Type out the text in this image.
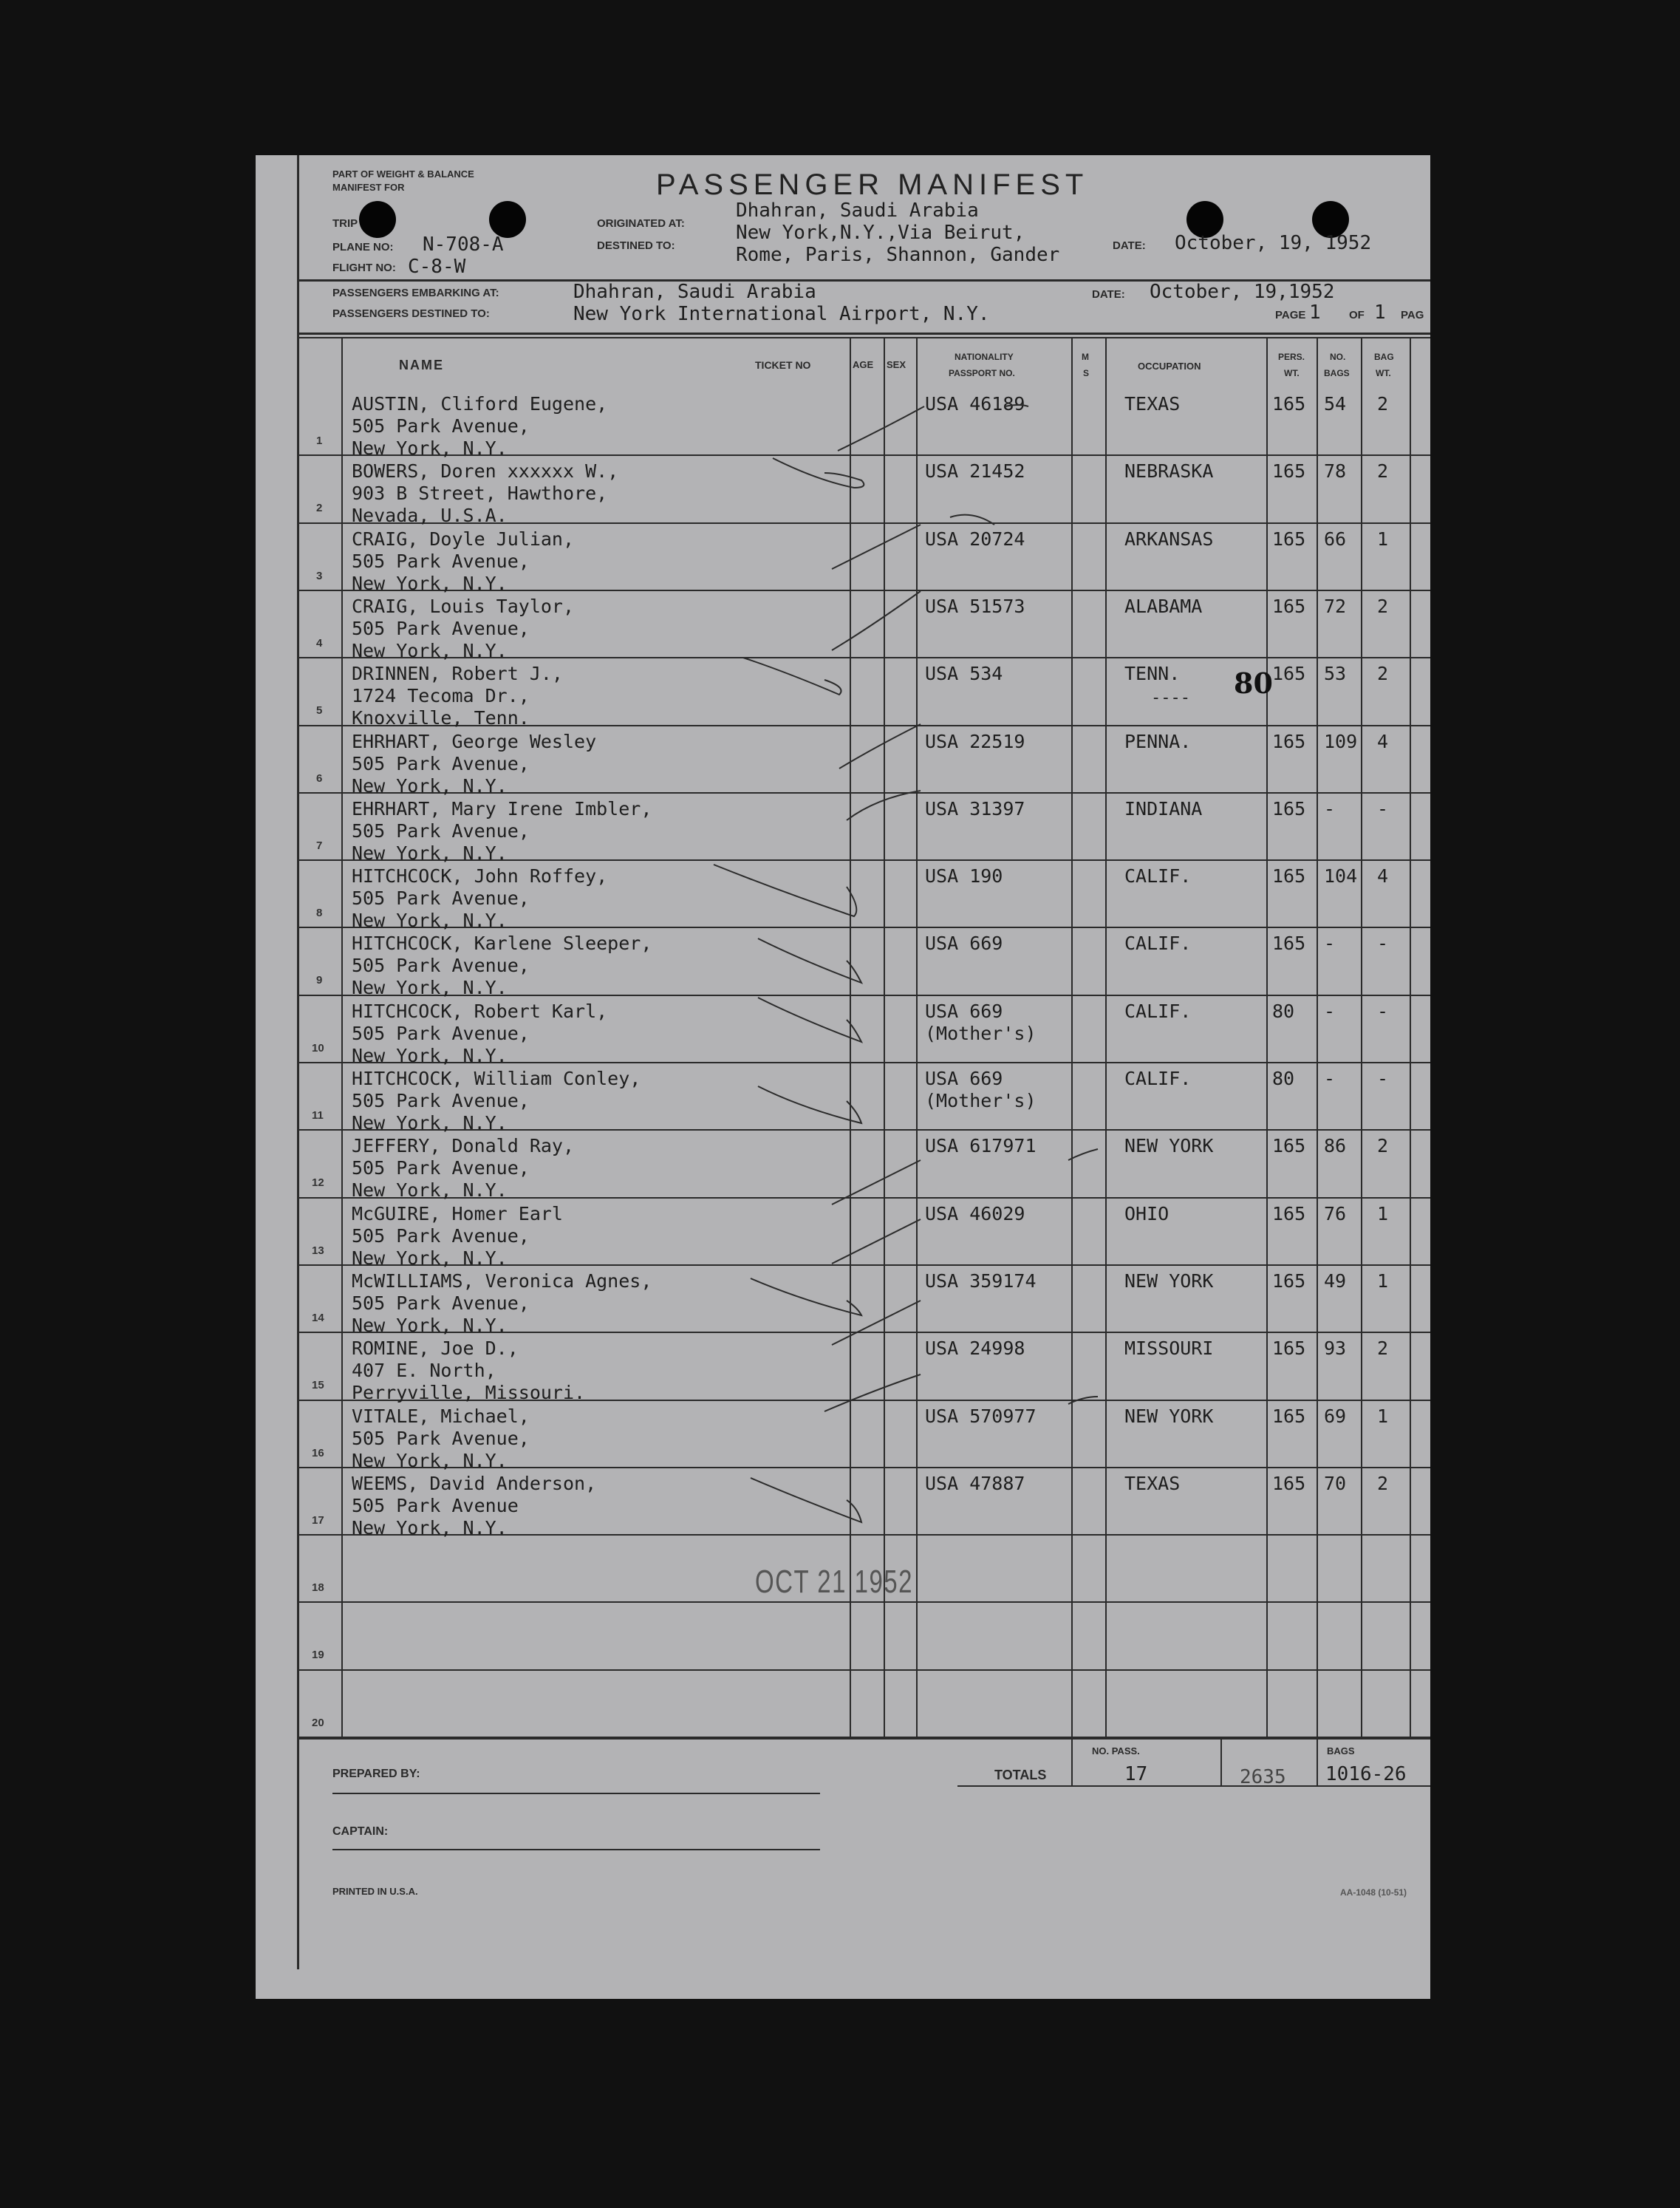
PART OF WEIGHT & BALANCE
MANIFEST FOR	PASSENGER MANIFEST
TRIP
PLANE NO: N-708-A
FLIGHT NO: C-8-W
ORIGINATED AT:
Dhahran, Saudi Arabia
DESTINED TO:
New York,N.Y.,Via Beirut,
Rome, Paris, Shannon, Gander	DATE: October, 19, 1952
PASSENGERS EMBARKING AT:	Dhahran, Saudi Arabia
PASSENGERS DESTINED TO:	New York International Airport, N.Y.
DATE: October, 19,1952
PAGE 1	OF 1 PAG
NAME	TICKET NO	AGE SEX
NATIONALITY
PASSPORT NO.
M
S
OCCUPATION
PERS.
WT.
NO.
BAGS
BAG
WT.
1
AUSTIN, Cliford Eugene,
505 Park Avenue,
New York, N.Y.
USA 46189	TEXAS	165 54 2
2
BOWERS, Doren xxxxxx W.,
903 B Street, Hawthore,
Nevada, U.S.A.
USA 21452	NEBRASKA	165 78 2
3
CRAIG, Doyle Julian,
505 Park Avenue,
New York, N.Y.
USA 20724	ARKANSAS	165 66 1
4
CRAIG, Louis Taylor,
505 Park Avenue,
New York, N.Y.
USA 51573	ALABAMA	165 72 2
5
DRINNEN, Robert J.,
1724 Tecoma Dr.,
Knoxville, Tenn.
USA 534	TENN.	165 53 2
6
EHRHART, George Wesley
505 Park Avenue,
New York, N.Y.
USA 22519	PENNA.	165 109 4
7
EHRHART, Mary Irene Imbler,
505 Park Avenue,
New York, N.Y.
USA 31397	INDIANA	165 - -
8
HITCHCOCK, John Roffey,
505 Park Avenue,
New York, N.Y.
USA 190	CALIF.	165 104 4
9
HITCHCOCK, Karlene Sleeper,
505 Park Avenue,
New York, N.Y.
USA 669	CALIF.	165 - -
10
HITCHCOCK, Robert Karl,
505 Park Avenue,
New York, N.Y.
USA 669
(Mother's)
CALIF.	80 - -
11
HITCHCOCK, William Conley,
505 Park Avenue,
New York, N.Y.
USA 669
(Mother's)
CALIF.	80 - -
12
JEFFERY, Donald Ray,
505 Park Avenue,
New York, N.Y.
USA 617971	NEW YORK	165 86 2
13
McGUIRE, Homer Earl
505 Park Avenue,
New York, N.Y.
USA 46029	OHIO	165 76 1
14
McWILLIAMS, Veronica Agnes,
505 Park Avenue,
New York, N.Y.
USA 359174	NEW YORK	165 49 1
15
ROMINE, Joe D.,
407 E. North,
Perryville, Missouri.
USA 24998	MISSOURI	165 93 2
16
VITALE, Michael,
505 Park Avenue,
New York, N.Y.
USA 570977	NEW YORK	165 69 1
17
WEEMS, David Anderson,
505 Park Avenue
New York, N.Y.
USA 47887	TEXAS	165 70 2
18
19
20
80
----
OCT 21 1952
PREPARED BY:	TOTALS
NO. PASS.
17	2635
BAGS
1016-26
CAPTAIN:
PRINTED IN U.S.A.	AA-1048 (10-51)
